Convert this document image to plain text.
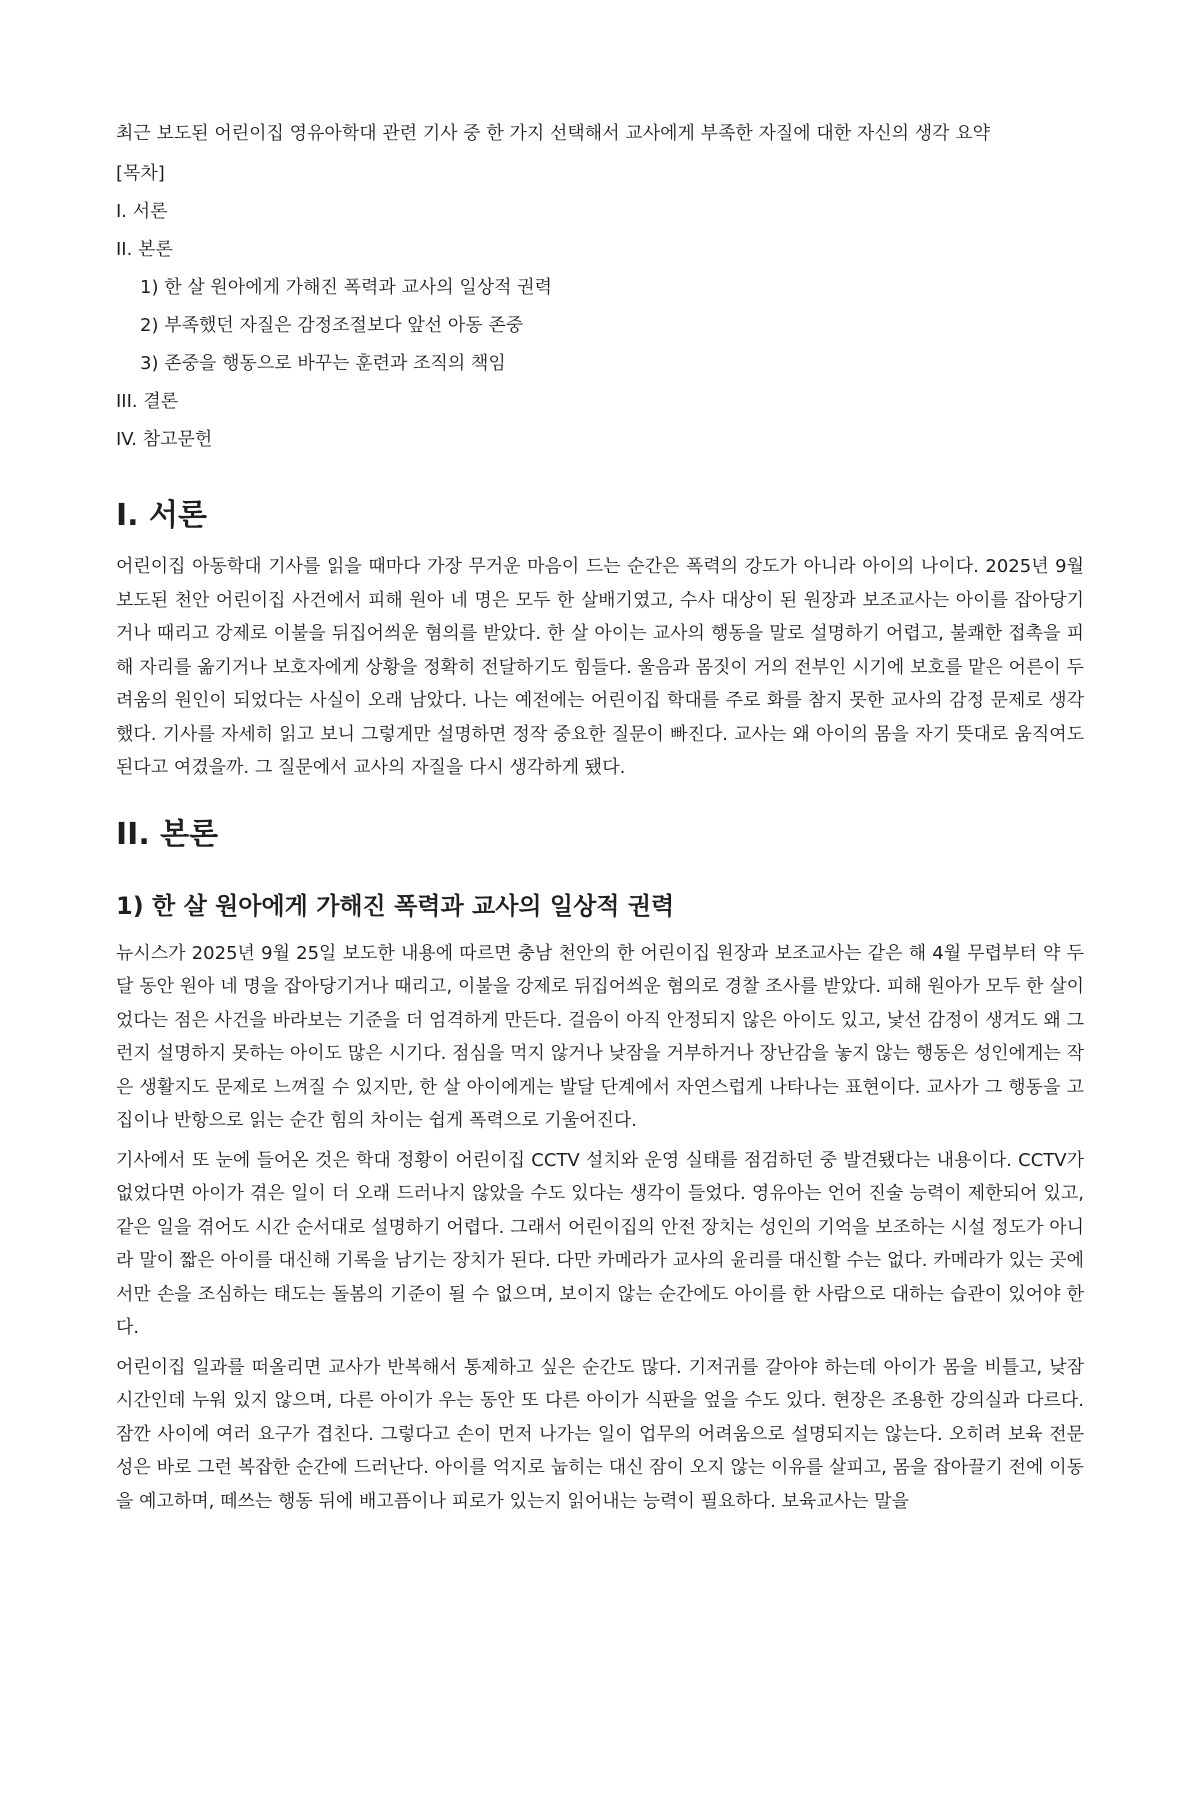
최근 보도된 어린이집 영유아학대 관련 기사 중 한 가지 선택해서 교사에게 부족한 자질에 대한 자신의 생각 요약

[목차]

I. 서론

II. 본론

1) 한 살 원아에게 가해진 폭력과 교사의 일상적 권력

2) 부족했던 자질은 감정조절보다 앞선 아동 존중

3) 존중을 행동으로 바꾸는 훈련과 조직의 책임

III. 결론

IV. 참고문헌

I. 서론

어린이집 아동학대 기사를 읽을 때마다 가장 무거운 마음이 드는 순간은 폭력의 강도가 아니라 아이의 나이다. 2025년 9월 보도된 천안 어린이집 사건에서 피해 원아 네 명은 모두 한 살배기였고, 수사 대상이 된 원장과 보조교사는 아이를 잡아당기거나 때리고 강제로 이불을 뒤집어씌운 혐의를 받았다. 한 살 아이는 교사의 행동을 말로 설명하기 어렵고, 불쾌한 접촉을 피해 자리를 옮기거나 보호자에게 상황을 정확히 전달하기도 힘들다. 울음과 몸짓이 거의 전부인 시기에 보호를 맡은 어른이 두려움의 원인이 되었다는 사실이 오래 남았다. 나는 예전에는 어린이집 학대를 주로 화를 참지 못한 교사의 감정 문제로 생각했다. 기사를 자세히 읽고 보니 그렇게만 설명하면 정작 중요한 질문이 빠진다. 교사는 왜 아이의 몸을 자기 뜻대로 움직여도 된다고 여겼을까. 그 질문에서 교사의 자질을 다시 생각하게 됐다.

II. 본론
1) 한 살 원아에게 가해진 폭력과 교사의 일상적 권력

뉴시스가 2025년 9월 25일 보도한 내용에 따르면 충남 천안의 한 어린이집 원장과 보조교사는 같은 해 4월 무렵부터 약 두 달 동안 원아 네 명을 잡아당기거나 때리고, 이불을 강제로 뒤집어씌운 혐의로 경찰 조사를 받았다. 피해 원아가 모두 한 살이었다는 점은 사건을 바라보는 기준을 더 엄격하게 만든다. 걸음이 아직 안정되지 않은 아이도 있고, 낯선 감정이 생겨도 왜 그런지 설명하지 못하는 아이도 많은 시기다. 점심을 먹지 않거나 낮잠을 거부하거나 장난감을 놓지 않는 행동은 성인에게는 작은 생활지도 문제로 느껴질 수 있지만, 한 살 아이에게는 발달 단계에서 자연스럽게 나타나는 표현이다. 교사가 그 행동을 고집이나 반항으로 읽는 순간 힘의 차이는 쉽게 폭력으로 기울어진다.

기사에서 또 눈에 들어온 것은 학대 정황이 어린이집 CCTV 설치와 운영 실태를 점검하던 중 발견됐다는 내용이다. CCTV가 없었다면 아이가 겪은 일이 더 오래 드러나지 않았을 수도 있다는 생각이 들었다. 영유아는 언어 진술 능력이 제한되어 있고, 같은 일을 겪어도 시간 순서대로 설명하기 어렵다. 그래서 어린이집의 안전 장치는 성인의 기억을 보조하는 시설 정도가 아니라 말이 짧은 아이를 대신해 기록을 남기는 장치가 된다. 다만 카메라가 교사의 윤리를 대신할 수는 없다. 카메라가 있는 곳에서만 손을 조심하는 태도는 돌봄의 기준이 될 수 없으며, 보이지 않는 순간에도 아이를 한 사람으로 대하는 습관이 있어야 한다.

어린이집 일과를 떠올리면 교사가 반복해서 통제하고 싶은 순간도 많다. 기저귀를 갈아야 하는데 아이가 몸을 비틀고, 낮잠 시간인데 누워 있지 않으며, 다른 아이가 우는 동안 또 다른 아이가 식판을 엎을 수도 있다. 현장은 조용한 강의실과 다르다. 잠깐 사이에 여러 요구가 겹친다. 그렇다고 손이 먼저 나가는 일이 업무의 어려움으로 설명되지는 않는다. 오히려 보육 전문성은 바로 그런 복잡한 순간에 드러난다. 아이를 억지로 눕히는 대신 잠이 오지 않는 이유를 살피고, 몸을 잡아끌기 전에 이동을 예고하며, 떼쓰는 행동 뒤에 배고픔이나 피로가 있는지 읽어내는 능력이 필요하다. 보육교사는 말을
